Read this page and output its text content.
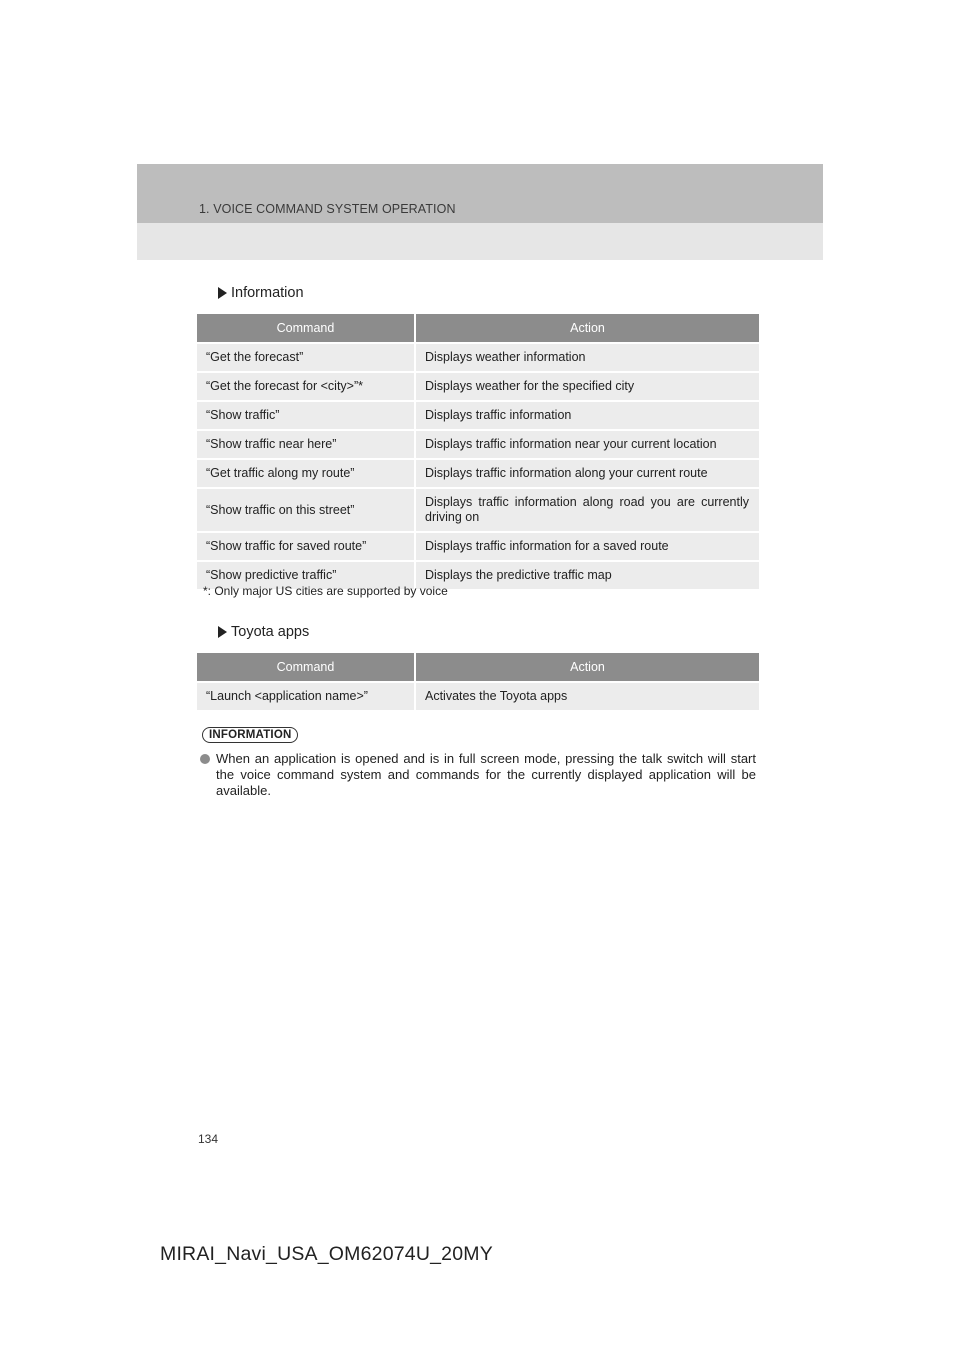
1. VOICE COMMAND SYSTEM OPERATION
Information
Command	Action
“Get the forecast”	Displays weather information
“Get the forecast for <city>”*	Displays weather for the specified city
“Show traffic”	Displays traffic information
“Show traffic near here”	Displays traffic information near your current location
“Get traffic along my route”	Displays traffic information along your current route
“Show traffic on this street”	Displays traffic information along road you are currently driving on
“Show traffic for saved route”	Displays traffic information for a saved route
“Show predictive traffic”	Displays the predictive traffic map
*: Only major US cities are supported by voice
Toyota apps
Command	Action
“Launch <application name>”	Activates the Toyota apps
INFORMATION
When an application is opened and is in full screen mode, pressing the talk switch will start the voice command system and commands for the currently displayed application will be available.
134
MIRAI_Navi_USA_OM62074U_20MY
